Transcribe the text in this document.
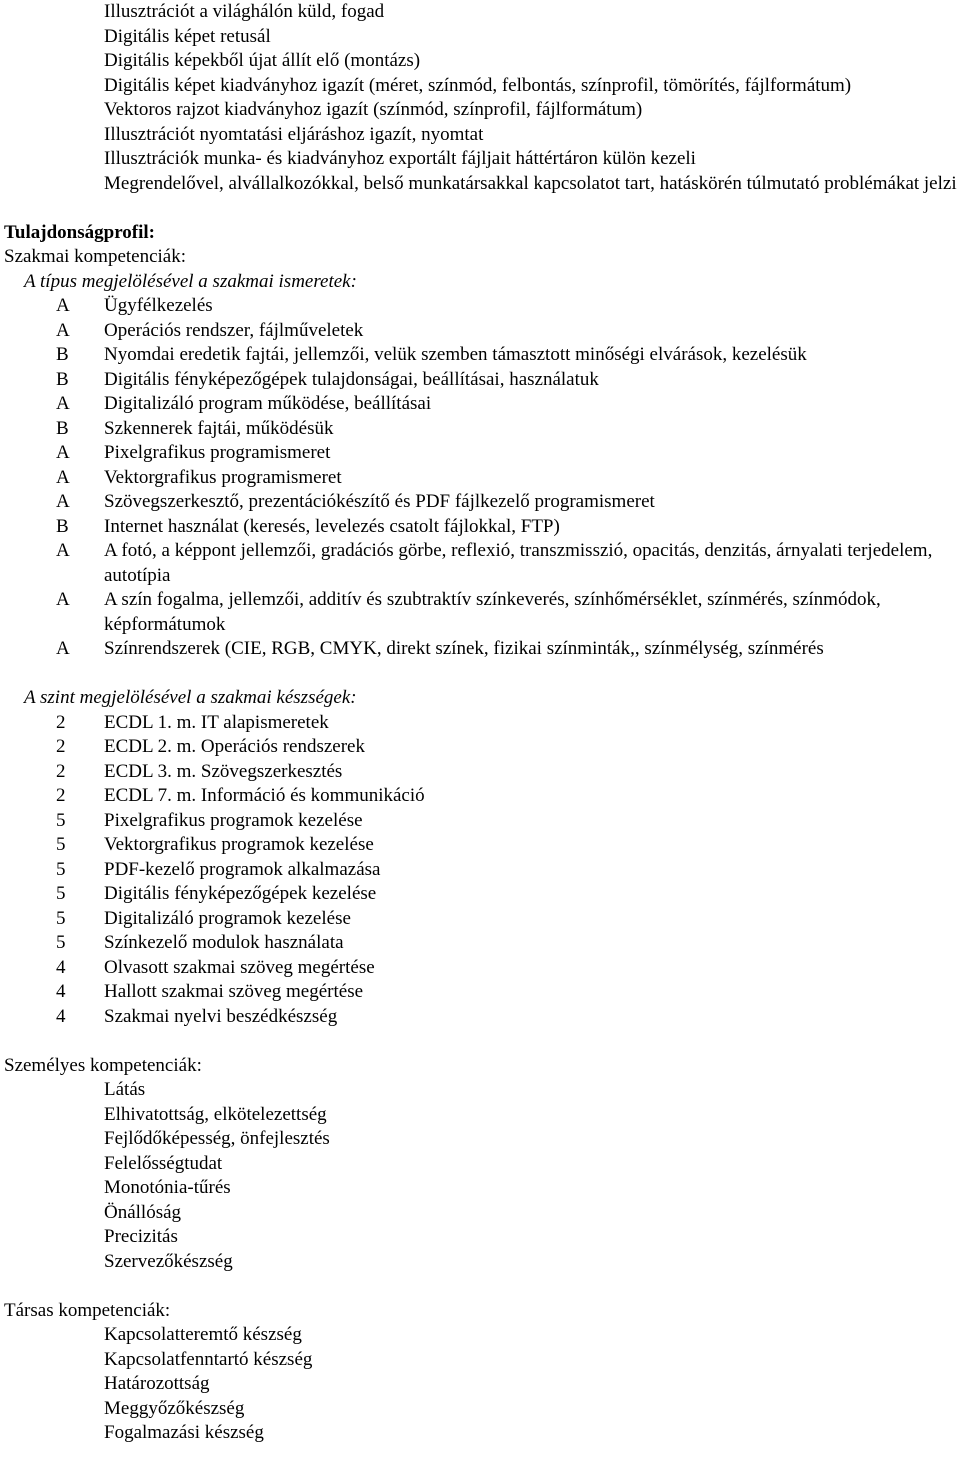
Illusztrációt a világhálón küld, fogad
Digitális képet retusál
Digitális képekből újat állít elő (montázs)
Digitális képet kiadványhoz igazít (méret, színmód, felbontás, színprofil, tömörítés, fájlformátum)
Vektoros rajzot kiadványhoz igazít (színmód, színprofil, fájlformátum)
Illusztrációt nyomtatási eljáráshoz igazít, nyomtat
Illusztrációk munka- és kiadványhoz exportált fájljait háttértáron külön kezeli
Megrendelővel, alvállalkozókkal, belső munkatársakkal kapcsolatot tart, hatáskörén túlmutató problémákat jelzi
Tulajdonságprofil:
Szakmai kompetenciák:
A típus megjelölésével a szakmai ismeretek:
A	Ügyfélkezelés
A	Operációs rendszer, fájlműveletek
B	Nyomdai eredetik fajtái, jellemzői, velük szemben támasztott minőségi elvárások, kezelésük
B	Digitális fényképezőgépek tulajdonságai, beállításai, használatuk
A	Digitalizáló program működése, beállításai
B	Szkennerek fajtái, működésük
A	Pixelgrafikus programismeret
A	Vektorgrafikus programismeret
A	Szövegszerkesztő, prezentációkészítő és PDF fájlkezelő programismeret
B	Internet használat (keresés, levelezés csatolt fájlokkal, FTP)
A	A fotó, a képpont jellemzői, gradációs görbe, reflexió, transzmisszió, opacitás, denzitás, árnyalati terjedelem, autotípia
A	A szín fogalma, jellemzői, additív és szubtraktív színkeverés, színhőmérséklet, színmérés, színmódok, képformátumok
A	Színrendszerek (CIE, RGB, CMYK, direkt színek, fizikai színminták,, színmélység, színmérés
A szint megjelölésével a szakmai készségek:
2	ECDL 1. m. IT alapismeretek
2	ECDL 2. m. Operációs rendszerek
2	ECDL 3. m. Szövegszerkesztés
2	ECDL 7. m. Információ és kommunikáció
5	Pixelgrafikus programok kezelése
5	Vektorgrafikus programok kezelése
5	PDF-kezelő programok alkalmazása
5	Digitális fényképezőgépek kezelése
5	Digitalizáló programok kezelése
5	Színkezelő modulok használata
4	Olvasott szakmai szöveg megértése
4	Hallott szakmai szöveg megértése
4	Szakmai nyelvi beszédkészség
Személyes kompetenciák:
Látás
Elhivatottság, elkötelezettség
Fejlődőképesség, önfejlesztés
Felelősségtudat
Monotónia-tűrés
Önállóság
Precizitás
Szervezőkészség
Társas kompetenciák:
Kapcsolatteremtő készség
Kapcsolatfenntartó készség
Határozottság
Meggyőzőkészség
Fogalmazási készség
